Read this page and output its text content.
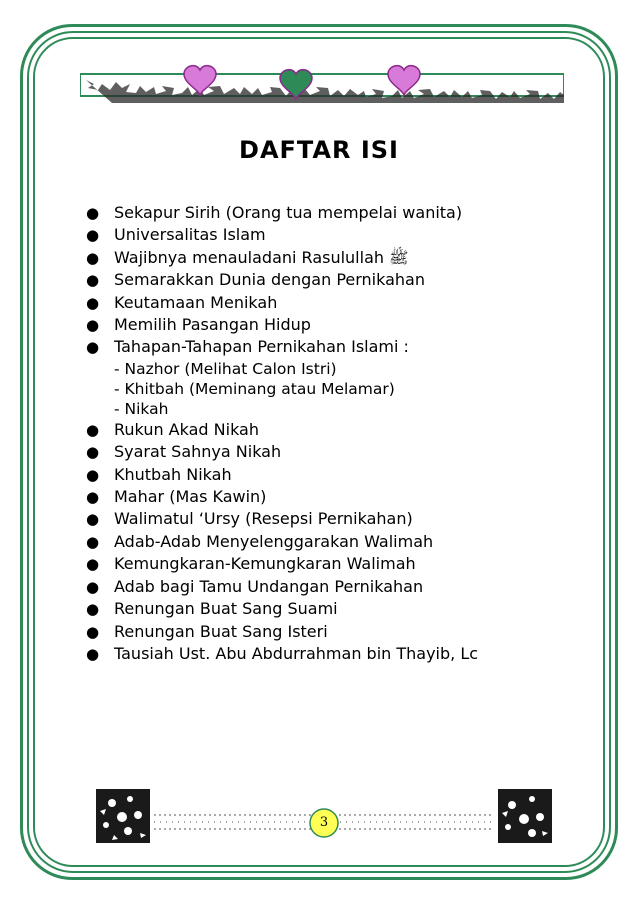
DAFTAR ISI
● Sekapur Sirih (Orang tua mempelai wanita)
● Universalitas Islam
● Wajibnya menauladani Rasulullah ﷺ
● Semarakkan Dunia dengan Pernikahan
● Keutamaan Menikah
● Memilih Pasangan Hidup
● Tahapan-Tahapan Pernikahan Islami :
- Nazhor (Melihat Calon Istri)
- Khitbah (Meminang atau Melamar)
- Nikah
● Rukun Akad Nikah
● Syarat Sahnya Nikah
● Khutbah Nikah
● Mahar (Mas Kawin)
● Walimatul ‘Ursy (Resepsi Pernikahan)
● Adab-Adab Menyelenggarakan Walimah
● Kemungkaran-Kemungkaran Walimah
● Adab bagi Tamu Undangan Pernikahan
● Renungan Buat Sang Suami
● Renungan Buat Sang Isteri
● Tausiah Ust. Abu Abdurrahman bin Thayib, Lc
3
